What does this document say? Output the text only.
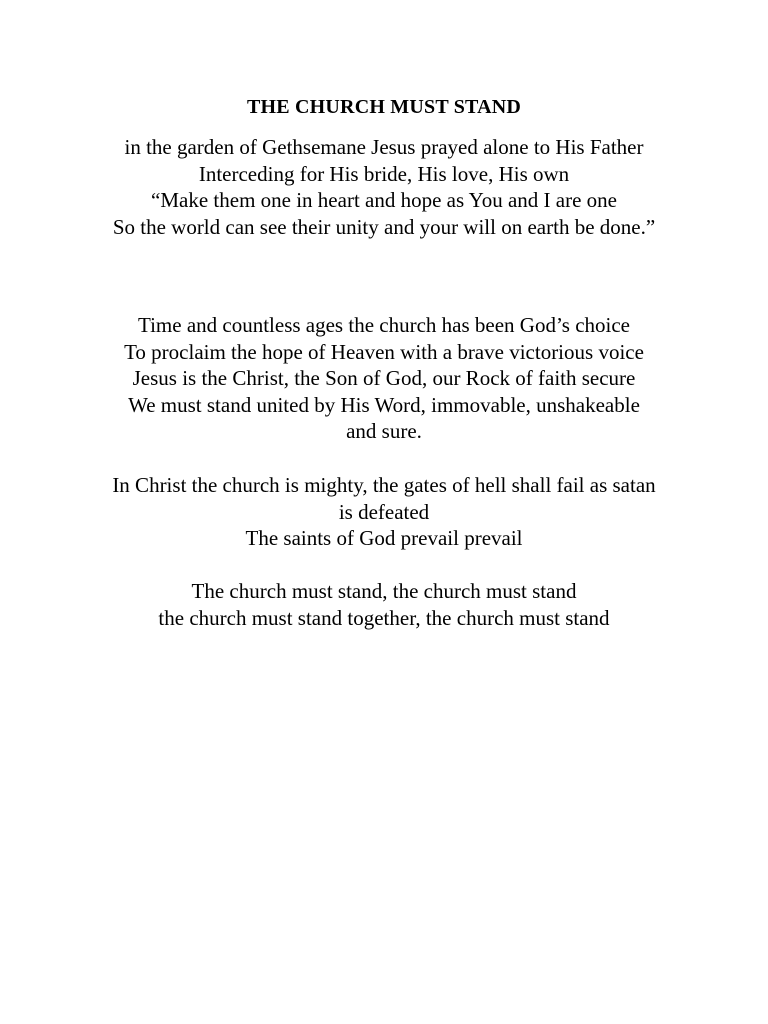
THE CHURCH MUST STAND
in the garden of Gethsemane Jesus prayed alone to His Father
Interceding for His bride, His love, His own
“Make them one in heart and hope as You and I are one
So the world can see their unity and your will on earth be done.”
Time and countless ages the church has been God’s choice
To proclaim the hope of Heaven with a brave victorious voice
Jesus is the Christ, the Son of God, our Rock of faith secure
We must stand united by His Word, immovable, unshakeable
and sure.
In Christ the church is mighty, the gates of hell shall fail as satan
is defeated
The saints of God prevail prevail
The church must stand, the church must stand
the church must stand together, the church must stand
